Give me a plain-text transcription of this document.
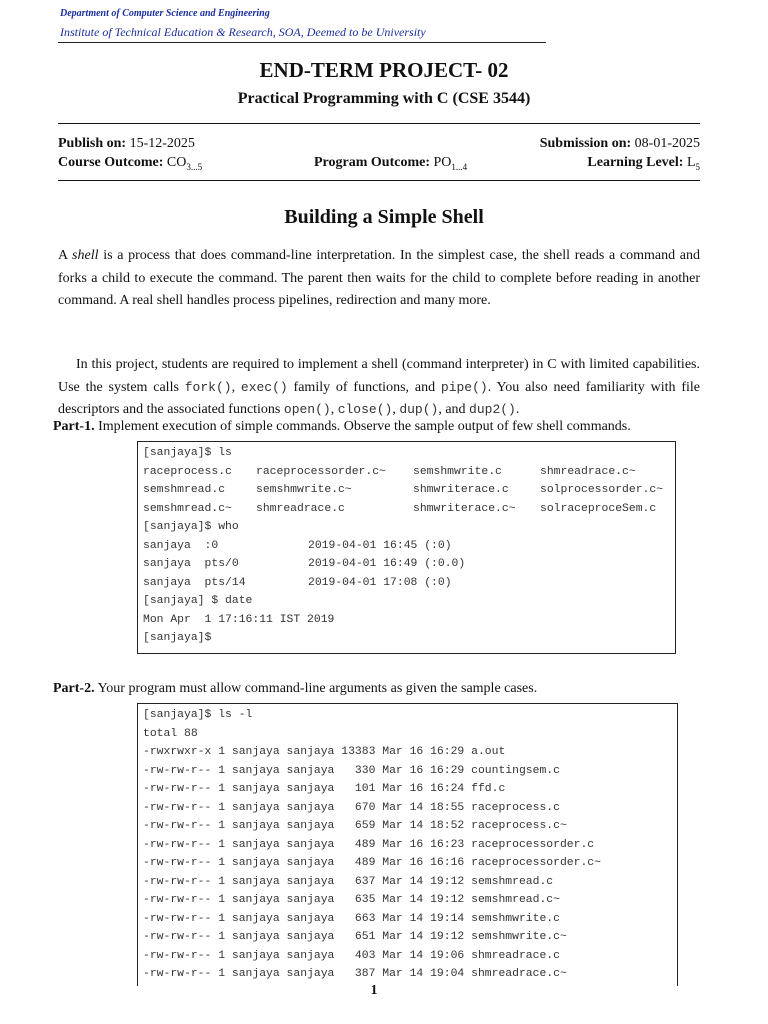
Department of Computer Science and Engineering
Institute of Technical Education & Research, SOA, Deemed to be University
END-TERM PROJECT- 02
Practical Programming with C (CSE 3544)
Publish on: 15-12-2025	Submission on: 08-01-2025
Course Outcome: $CO_{3...5}$	Program Outcome: $PO_{1...4}$	Learning Level: $L_5$
Building a Simple Shell
A shell is a process that does command-line interpretation. In the simplest case, the shell reads a command and forks a child to execute the command. The parent then waits for the child to complete before reading in another command. A real shell handles process pipelines, redirection and many more.
In this project, students are required to implement a shell (command interpreter) in C with limited capabilities. Use the system calls fork(), exec() family of functions, and pipe(). You also need familiarity with file descriptors and the associated functions open(), close(), dup(), and dup2().
Part-1. Implement execution of simple commands. Observe the sample output of few shell commands.
[sanjaya]$ ls
raceprocess.c raceprocessorder.c~ semshmwrite.c	shmreadrace.c~
semshmread.c	semshmwrite.c~	shmwriterace.c	solprocessorder.c~
semshmread.c~ shmreadrace.c	shmwriterace.c~ solraceproceSem.c
[sanjaya]$ who
sanjaya  :0	2019-04-01 16:45 (:0)
sanjaya  pts/0	2019-04-01 16:49 (:0.0)
sanjaya  pts/14	2019-04-01 17:08 (:0)
[sanjaya] $ date
Mon Apr  1 17:16:11 IST 2019
[sanjaya]$
Part-2. Your program must allow command-line arguments as given the sample cases.
[sanjaya]$ ls -l
total 88
-rwxrwxr-x 1 sanjaya sanjaya 13383 Mar 16 16:29 a.out
-rw-rw-r-- 1 sanjaya sanjaya   330 Mar 16 16:29 countingsem.c
-rw-rw-r-- 1 sanjaya sanjaya   101 Mar 16 16:24 ffd.c
-rw-rw-r-- 1 sanjaya sanjaya   670 Mar 14 18:55 raceprocess.c
-rw-rw-r-- 1 sanjaya sanjaya   659 Mar 14 18:52 raceprocess.c~
-rw-rw-r-- 1 sanjaya sanjaya   489 Mar 16 16:23 raceprocessorder.c
-rw-rw-r-- 1 sanjaya sanjaya   489 Mar 16 16:16 raceprocessorder.c~
-rw-rw-r-- 1 sanjaya sanjaya   637 Mar 14 19:12 semshmread.c
-rw-rw-r-- 1 sanjaya sanjaya   635 Mar 14 19:12 semshmread.c~
-rw-rw-r-- 1 sanjaya sanjaya   663 Mar 14 19:14 semshmwrite.c
-rw-rw-r-- 1 sanjaya sanjaya   651 Mar 14 19:12 semshmwrite.c~
-rw-rw-r-- 1 sanjaya sanjaya   403 Mar 14 19:06 shmreadrace.c
-rw-rw-r-- 1 sanjaya sanjaya   387 Mar 14 19:04 shmreadrace.c~
1
